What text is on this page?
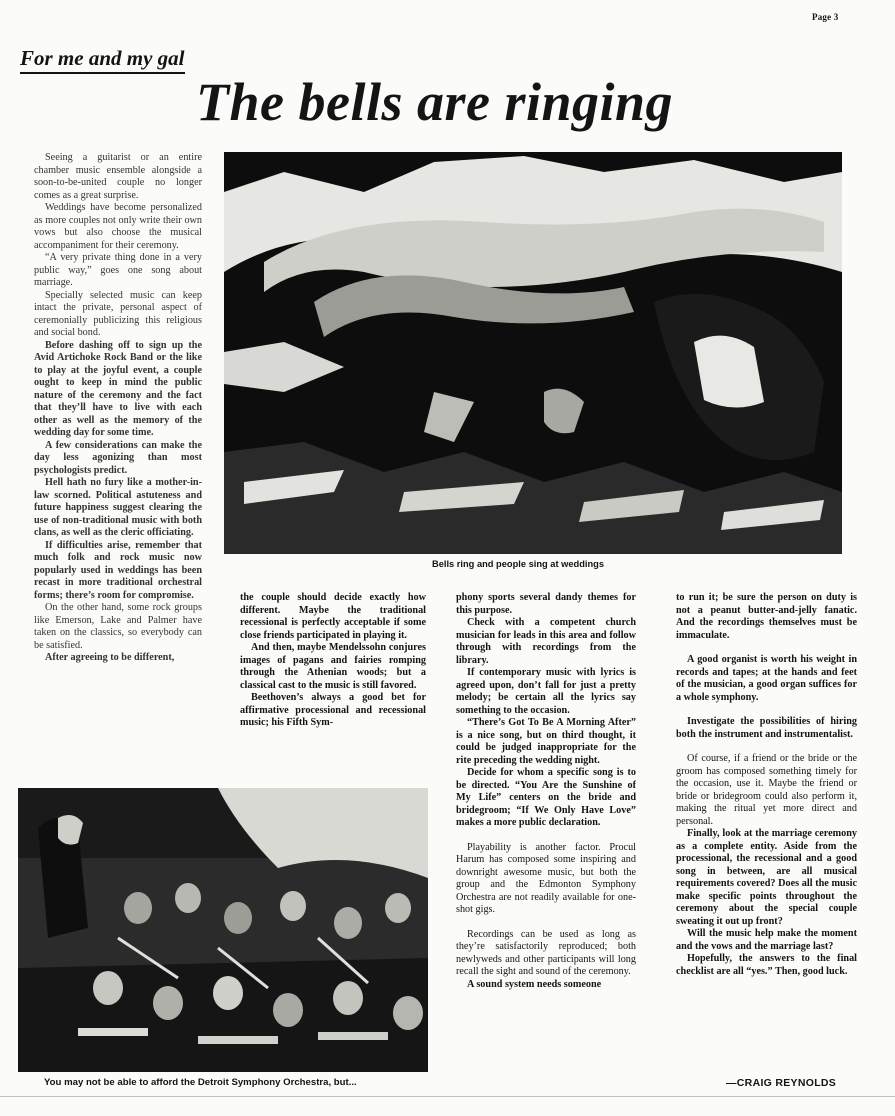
Page 3
For me and my gal
The bells are ringing
Bells ring and people sing at weddings
You may not be able to afford the Detroit Symphony Orchestra, but...

Seeing a guitarist or an entire chamber music ensemble alongside a soon-to-be-united couple no longer comes as a great surprise.

Weddings have become personalized as more couples not only write their own vows but also choose the musical accompaniment for their ceremony.

“A very private thing done in a very public way,” goes one song about marriage.

Specially selected music can keep intact the private, personal aspect of ceremonially publicizing this religious and social bond.

Before dashing off to sign up the Avid Artichoke Rock Band or the like to play at the joyful event, a couple ought to keep in mind the public nature of the ceremony and the fact that they’ll have to live with each other as well as the memory of the wedding day for some time.

A few considerations can make the day less agonizing than most psychologists predict.

Hell hath no fury like a mother-in-law scorned. Political astuteness and future happiness suggest clearing the use of non-traditional music with both clans, as well as the cleric officiating.

If difficulties arise, remember that much folk and rock music now popularly used in weddings has been recast in more traditional orchestral forms; there’s room for compromise.

On the other hand, some rock groups like Emerson, Lake and Palmer have taken on the classics, so everybody can be satisfied.

After agreeing to be different,

the couple should decide exactly how different. Maybe the traditional recessional is perfectly acceptable if some close friends participated in playing it.

And then, maybe Mendelssohn conjures images of pagans and fairies romping through the Athenian woods; but a classical cast to the music is still favored.

Beethoven’s always a good bet for affirmative processional and recessional music; his Fifth Sym-

phony sports several dandy themes for this purpose.

Check with a competent church musician for leads in this area and follow through with recordings from the library.

If contemporary music with lyrics is agreed upon, don’t fall for just a pretty melody; be certain all the lyrics say something to the occasion.

“There’s Got To Be A Morning After” is a nice song, but on third thought, it could be judged inappropriate for the rite preceding the wedding night.

Decide for whom a specific song is to be directed. “You Are the Sunshine of My Life” centers on the bride and bridegroom; “If We Only Have Love” makes a more public declaration.

Playability is another factor. Procul Harum has composed some inspiring and downright awesome music, but both the group and the Edmonton Symphony Orchestra are not readily available for one-shot gigs.

Recordings can be used as long as they’re satisfactorily reproduced; both newlyweds and other participants will long recall the sight and sound of the ceremony.

A sound system needs someone

to run it; be sure the person on duty is not a peanut butter-and-jelly fanatic. And the recordings themselves must be immaculate.

A good organist is worth his weight in records and tapes; at the hands and feet of the musician, a good organ suffices for a whole symphony.

Investigate the possibilities of hiring both the instrument and instrumentalist.

Of course, if a friend or the bride or the groom has composed something timely for the occasion, use it. Maybe the friend or bride or bridegroom could also perform it, making the ritual yet more direct and personal.

Finally, look at the marriage ceremony as a complete entity. Aside from the processional, the recessional and a good song in between, are all musical requirements covered? Does all the music make specific points throughout the ceremony about the special couple sweating it out up front?

Will the music help make the moment and the vows and the marriage last?

Hopefully, the answers to the final checklist are all “yes.” Then, good luck.

—CRAIG REYNOLDS
